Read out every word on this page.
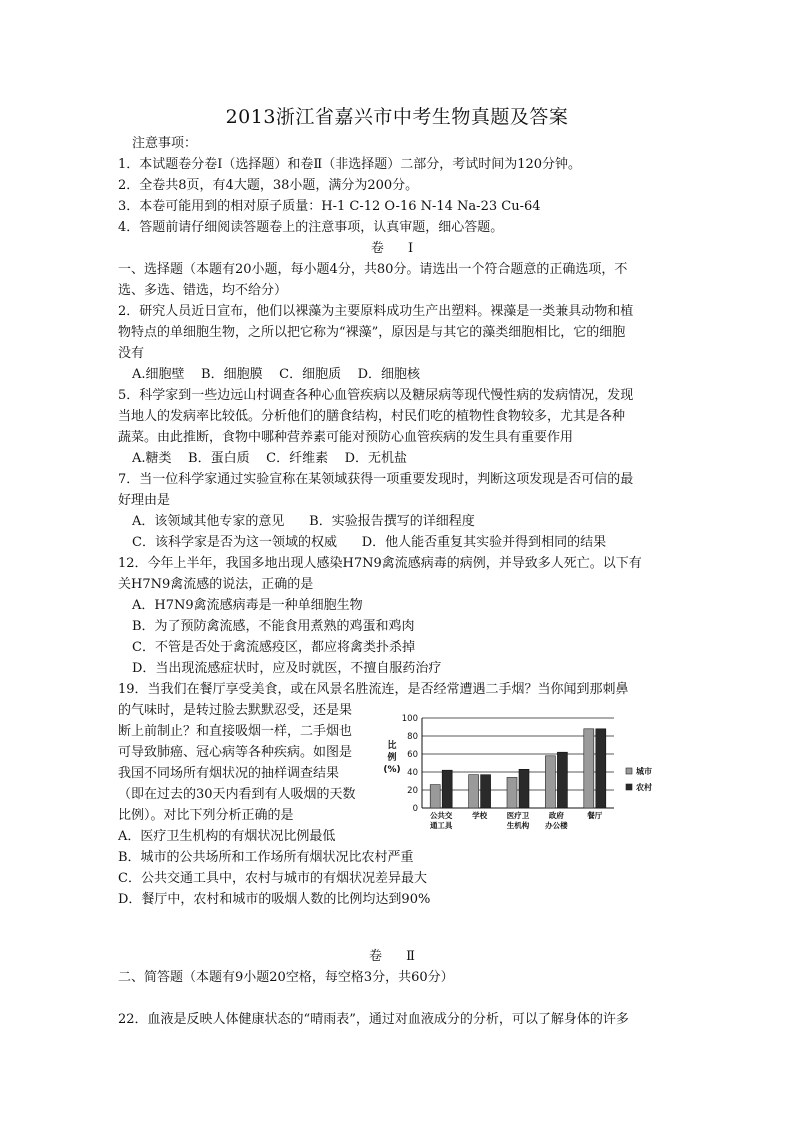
2013浙江省嘉兴市中考生物真题及答案
注意事项：
1．本试题卷分卷Ⅰ（选择题）和卷Ⅱ（非选择题）二部分，考试时间为120分钟。
2．全卷共8页，有4大题，38小题，满分为200分。
3．本卷可能用到的相对原子质量：H-1 C-12 O-16 N-14 Na-23 Cu-64
4．答题前请仔细阅读答题卷上的注意事项，认真审题，细心答题。
卷 I
一、选择题（本题有20小题，每小题4分，共80分。请选出一个符合题意的正确选项，不
选、多选、错选，均不给分）
2．研究人员近日宣布，他们以裸藻为主要原料成功生产出塑料。裸藻是一类兼具动物和植
物特点的单细胞生物，之所以把它称为“裸藻”，原因是与其它的藻类细胞相比，它的细胞
没有
A.细胞壁    B．细胞膜    C．细胞质    D．细胞核
5．科学家到一些边远山村调查各种心血管疾病以及糖尿病等现代慢性病的发病情况，发现
当地人的发病率比较低。分析他们的膳食结构，村民们吃的植物性食物较多，尤其是各种
蔬菜。由此推断，食物中哪种营养素可能对预防心血管疾病的发生具有重要作用
A.糖类    B．蛋白质    C．纤维素    D．无机盐
7．当一位科学家通过实验宣称在某领域获得一项重要发现时，判断这项发现是否可信的最
好理由是
A．该领域其他专家的意见      B．实验报告撰写的详细程度
C．该科学家是否为这一领域的权威      D．他人能否重复其实验并得到相同的结果
12．今年上半年，我国多地出现人感染H7N9禽流感病毒的病例，并导致多人死亡。以下有
关H7N9禽流感的说法，正确的是
A．H7N9禽流感病毒是一种单细胞生物
B．为了预防禽流感，不能食用煮熟的鸡蛋和鸡肉
C．不管是否处于禽流感疫区，都应将禽类扑杀掉
D．当出现流感症状时，应及时就医，不擅自服药治疗
19．当我们在餐厅享受美食，或在风景名胜流连，是否经常遭遇二手烟？当你闻到那刺鼻
的气味时，是转过脸去默默忍受，还是果
断上前制止？和直接吸烟一样，二手烟也
可导致肺癌、冠心病等各种疾病。如图是
我国不同场所有烟状况的抽样调查结果
（即在过去的30天内看到有人吸烟的天数
比例）。对比下列分析正确的是
A．医疗卫生机构的有烟状况比例最低
B．城市的公共场所和工作场所有烟状况比农村严重
C．公共交通工具中，农村与城市的有烟状况差异最大
D．餐厅中，农村和城市的吸烟人数的比例均达到90%
0
20
40
60
80
100
比
例
(%)
公共交
通工具
学校	医疗卫
生机构
政府
办公楼
餐厅
城市
农村
卷 Ⅱ
二、简答题（本题有9小题20空格，每空格3分，共60分）
22．血液是反映人体健康状态的“晴雨表”，通过对血液成分的分析，可以了解身体的许多
